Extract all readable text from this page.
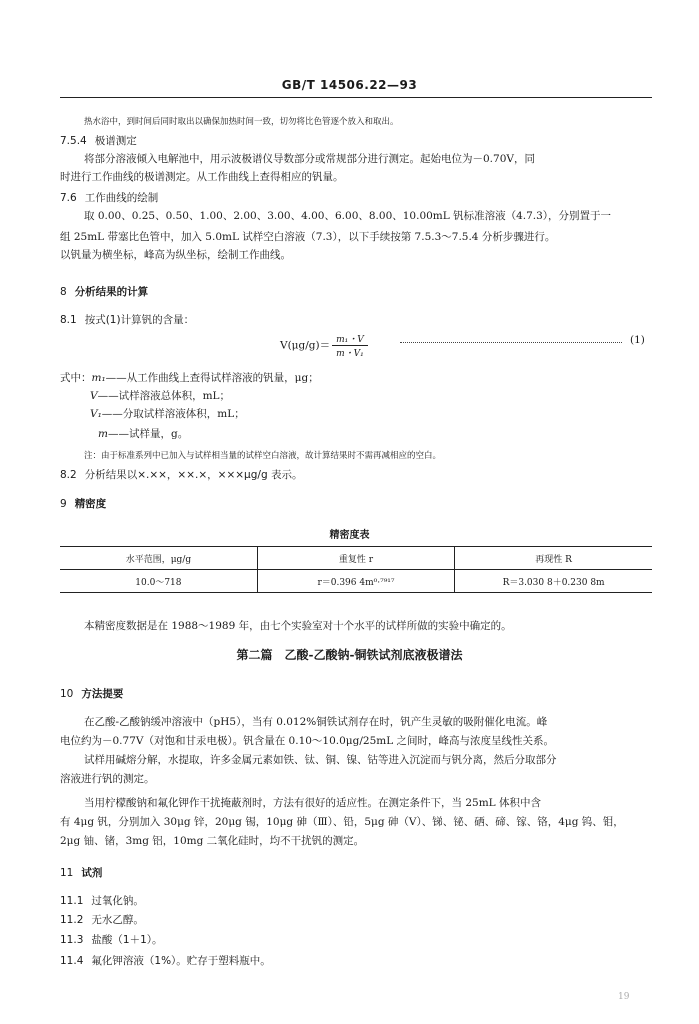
GB/T 14506.22—93
热水浴中，到时间后同时取出以确保加热时间一致，切勿将比色管逐个放入和取出。
7.5.4 极谱测定
将部分溶液倾入电解池中，用示波极谱仪导数部分或常规部分进行测定。起始电位为－0.70V，同
时进行工作曲线的极谱测定。从工作曲线上查得相应的钒量。
7.6 工作曲线的绘制
取 0.00、0.25、0.50、1.00、2.00、3.00、4.00、6.00、8.00、10.00mL 钒标准溶液（4.7.3），分别置于一
组 25mL 带塞比色管中，加入 5.0mL 试样空白溶液（7.3），以下手续按第 7.5.3～7.5.4 分析步骤进行。
以钒量为横坐标，峰高为纵坐标，绘制工作曲线。
8 分析结果的计算
8.1 按式(1)计算钒的含量：
$V(\mu g/g)= \frac{\text{m₁・V}}{\text{m・V₁}}$	(1)
式中：m₁——从工作曲线上查得试样溶液的钒量，μg；
V——试样溶液总体积，mL；
V₁——分取试样溶液体积，mL；
m——试样量，g。
注：由于标准系列中已加入与试样相当量的试样空白溶液，故计算结果时不需再减相应的空白。
8.2 分析结果以×.××，××.×，×××μg/g 表示。
9 精密度
精密度表
水平范围，μg/g	重复性 r	再现性 R
10.0～718	r＝0.396 4m⁰·⁷⁹¹⁷	R＝3.030 8＋0.230 8m
本精密度数据是在 1988～1989 年，由七个实验室对十个水平的试样所做的实验中确定的。
第二篇　乙酸-乙酸钠-铜铁试剂底液极谱法
10 方法提要
在乙酸-乙酸钠缓冲溶液中（pH5），当有 0.012%铜铁试剂存在时，钒产生灵敏的吸附催化电流。峰
电位约为－0.77V（对饱和甘汞电极）。钒含量在 0.10～10.0μg/25mL 之间时，峰高与浓度呈线性关系。
试样用碱熔分解，水提取，许多金属元素如铁、钛、铜、镍、钴等进入沉淀而与钒分离，然后分取部分
溶液进行钒的测定。
当用柠檬酸钠和氟化钾作干扰掩蔽剂时，方法有很好的适应性。在测定条件下，当 25mL 体积中含
有 4μg 钒，分别加入 30μg 锌，20μg 锡，10μg 砷（Ⅲ）、铅，5μg 砷（Ⅴ）、锑、铋、硒、碲、镓、铬，4μg 钨、钼，
2μg 铀、锗，3mg 铝，10mg 二氧化硅时，均不干扰钒的测定。
11 试剂
11.1 过氧化钠。
11.2 无水乙醇。
11.3 盐酸（1＋1）。
11.4 氟化钾溶液（1%）。贮存于塑料瓶中。
19
